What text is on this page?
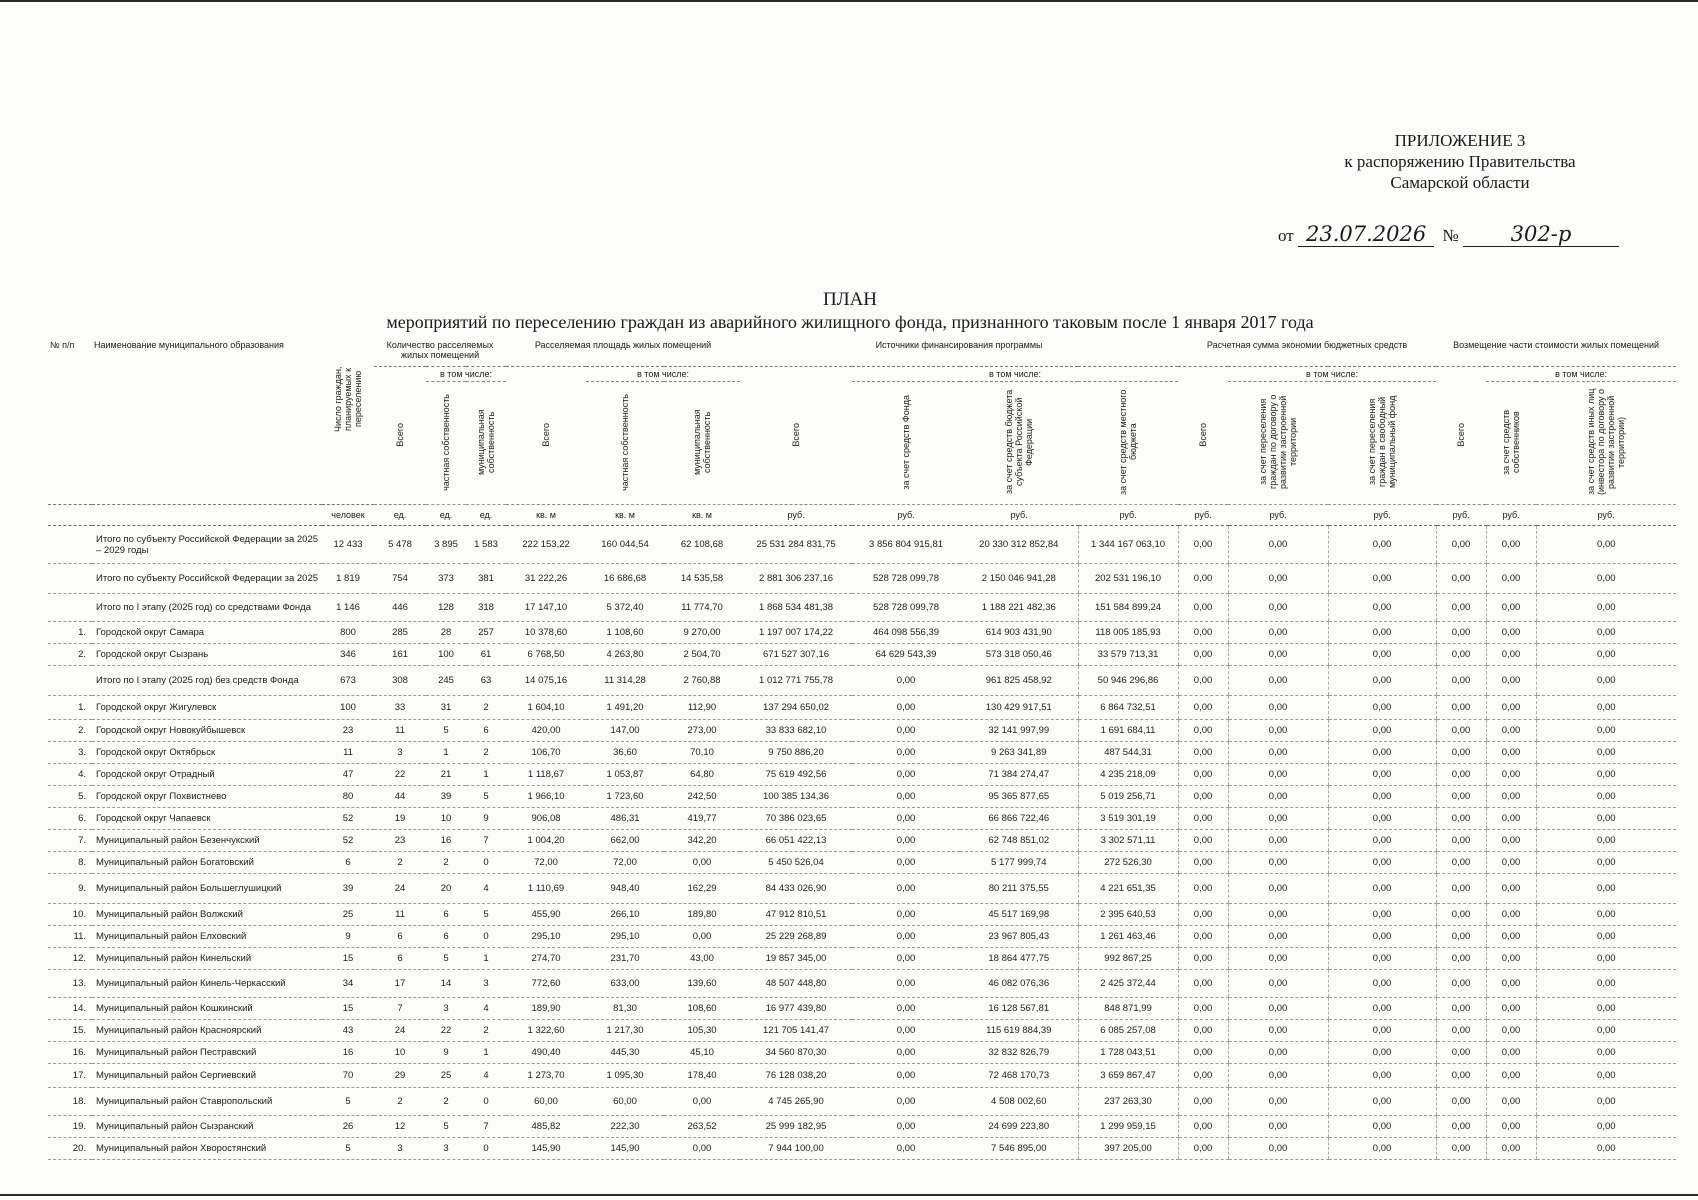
ПРИЛОЖЕНИЕ 3
к распоряжению Правительства
Самарской области
от 23.07.2026 № 302-р
ПЛАН
мероприятий по переселению граждан из аварийного жилищного фонда, признанного таковым после 1 января 2017 года
№ п/п	Наименование муниципального образования	Число граждан, планируемых к переселению	Количество расселяемых жилых помещений			Расселяемая площадь жилых помещений			Источники финансирования программы				Расчетная сумма экономии бюджетных средств			Возмещение части стоимости жилых помещений		
			Всего	в том числе:		Всего	в том числе:		Всего	в том числе:			Всего	в том числе:		Всего	в том числе:	
				частная собственность	муниципальная собственность		частная собственность	муниципальная собственность		за счет средств Фонда	за счет средств бюджета субъекта Российской Федерации	за счет средств местного бюджета		за счет переселения граждан по договору о развитии застроенной территории	за счет переселения граждан в свободный муниципальный фонд		за счет средств собственников	за счет средств иных лиц (инвестора по договору о развитии застроенной территории)
		человек	ед.	ед.	ед.	кв. м	кв. м	кв. м	руб.	руб.	руб.	руб.	руб.	руб.	руб.	руб.	руб.	руб.
	Итого по субъекту Российской Федерации за 2025 – 2029 годы	12 433	5 478	3 895	1 583	222 153,22	160 044,54	62 108,68	25 531 284 831,75	3 856 804 915,81	20 330 312 852,84	1 344 167 063,10	0,00	0,00	0,00	0,00	0,00	0,00
	Итого по субъекту Российской Федерации за 2025	1 819	754	373	381	31 222,26	16 686,68	14 535,58	2 881 306 237,16	528 728 099,78	2 150 046 941,28	202 531 196,10	0,00	0,00	0,00	0,00	0,00	0,00
	Итого по I этапу (2025 год) со средствами Фонда	1 146	446	128	318	17 147,10	5 372,40	11 774,70	1 868 534 481,38	528 728 099,78	1 188 221 482,36	151 584 899,24	0,00	0,00	0,00	0,00	0,00	0,00
1.	Городской округ Самара	800	285	28	257	10 378,60	1 108,60	9 270,00	1 197 007 174,22	464 098 556,39	614 903 431,90	118 005 185,93	0,00	0,00	0,00	0,00	0,00	0,00
2.	Городской округ Сызрань	346	161	100	61	6 768,50	4 263,80	2 504,70	671 527 307,16	64 629 543,39	573 318 050,46	33 579 713,31	0,00	0,00	0,00	0,00	0,00	0,00
	Итого по I этапу (2025 год) без средств Фонда	673	308	245	63	14 075,16	11 314,28	2 760,88	1 012 771 755,78	0,00	961 825 458,92	50 946 296,86	0,00	0,00	0,00	0,00	0,00	0,00
1.	Городской округ Жигулевск	100	33	31	2	1 604,10	1 491,20	112,90	137 294 650,02	0,00	130 429 917,51	6 864 732,51	0,00	0,00	0,00	0,00	0,00	0,00
2.	Городской округ Новокуйбышевск	23	11	5	6	420,00	147,00	273,00	33 833 682,10	0,00	32 141 997,99	1 691 684,11	0,00	0,00	0,00	0,00	0,00	0,00
3.	Городской округ Октябрьск	11	3	1	2	106,70	36,60	70,10	9 750 886,20	0,00	9 263 341,89	487 544,31	0,00	0,00	0,00	0,00	0,00	0,00
4.	Городской округ Отрадный	47	22	21	1	1 118,67	1 053,87	64,80	75 619 492,56	0,00	71 384 274,47	4 235 218,09	0,00	0,00	0,00	0,00	0,00	0,00
5.	Городской округ Похвистнево	80	44	39	5	1 966,10	1 723,60	242,50	100 385 134,36	0,00	95 365 877,65	5 019 256,71	0,00	0,00	0,00	0,00	0,00	0,00
6.	Городской округ Чапаевск	52	19	10	9	906,08	486,31	419,77	70 386 023,65	0,00	66 866 722,46	3 519 301,19	0,00	0,00	0,00	0,00	0,00	0,00
7.	Муниципальный район Безенчукский	52	23	16	7	1 004,20	662,00	342,20	66 051 422,13	0,00	62 748 851,02	3 302 571,11	0,00	0,00	0,00	0,00	0,00	0,00
8.	Муниципальный район Богатовский	6	2	2	0	72,00	72,00	0,00	5 450 526,04	0,00	5 177 999,74	272 526,30	0,00	0,00	0,00	0,00	0,00	0,00
9.	Муниципальный район Большеглушицкий	39	24	20	4	1 110,69	948,40	162,29	84 433 026,90	0,00	80 211 375,55	4 221 651,35	0,00	0,00	0,00	0,00	0,00	0,00
10.	Муниципальный район Волжский	25	11	6	5	455,90	266,10	189,80	47 912 810,51	0,00	45 517 169,98	2 395 640,53	0,00	0,00	0,00	0,00	0,00	0,00
11.	Муниципальный район Елховский	9	6	6	0	295,10	295,10	0,00	25 229 268,89	0,00	23 967 805,43	1 261 463,46	0,00	0,00	0,00	0,00	0,00	0,00
12.	Муниципальный район Кинельский	15	6	5	1	274,70	231,70	43,00	19 857 345,00	0,00	18 864 477,75	992 867,25	0,00	0,00	0,00	0,00	0,00	0,00
13.	Муниципальный район Кинель-Черкасский	34	17	14	3	772,60	633,00	139,60	48 507 448,80	0,00	46 082 076,36	2 425 372,44	0,00	0,00	0,00	0,00	0,00	0,00
14.	Муниципальный район Кошкинский	15	7	3	4	189,90	81,30	108,60	16 977 439,80	0,00	16 128 567,81	848 871,99	0,00	0,00	0,00	0,00	0,00	0,00
15.	Муниципальный район Красноярский	43	24	22	2	1 322,60	1 217,30	105,30	121 705 141,47	0,00	115 619 884,39	6 085 257,08	0,00	0,00	0,00	0,00	0,00	0,00
16.	Муниципальный район Пестравский	16	10	9	1	490,40	445,30	45,10	34 560 870,30	0,00	32 832 826,79	1 728 043,51	0,00	0,00	0,00	0,00	0,00	0,00
17.	Муниципальный район Сергиевский	70	29	25	4	1 273,70	1 095,30	178,40	76 128 038,20	0,00	72 468 170,73	3 659 867,47	0,00	0,00	0,00	0,00	0,00	0,00
18.	Муниципальный район Ставропольский	5	2	2	0	60,00	60,00	0,00	4 745 265,90	0,00	4 508 002,60	237 263,30	0,00	0,00	0,00	0,00	0,00	0,00
19.	Муниципальный район Сызранский	26	12	5	7	485,82	222,30	263,52	25 999 182,95	0,00	24 699 223,80	1 299 959,15	0,00	0,00	0,00	0,00	0,00	0,00
20.	Муниципальный район Хворостянский	5	3	3	0	145,90	145,90	0,00	7 944 100,00	0,00	7 546 895,00	397 205,00	0,00	0,00	0,00	0,00	0,00	0,00
